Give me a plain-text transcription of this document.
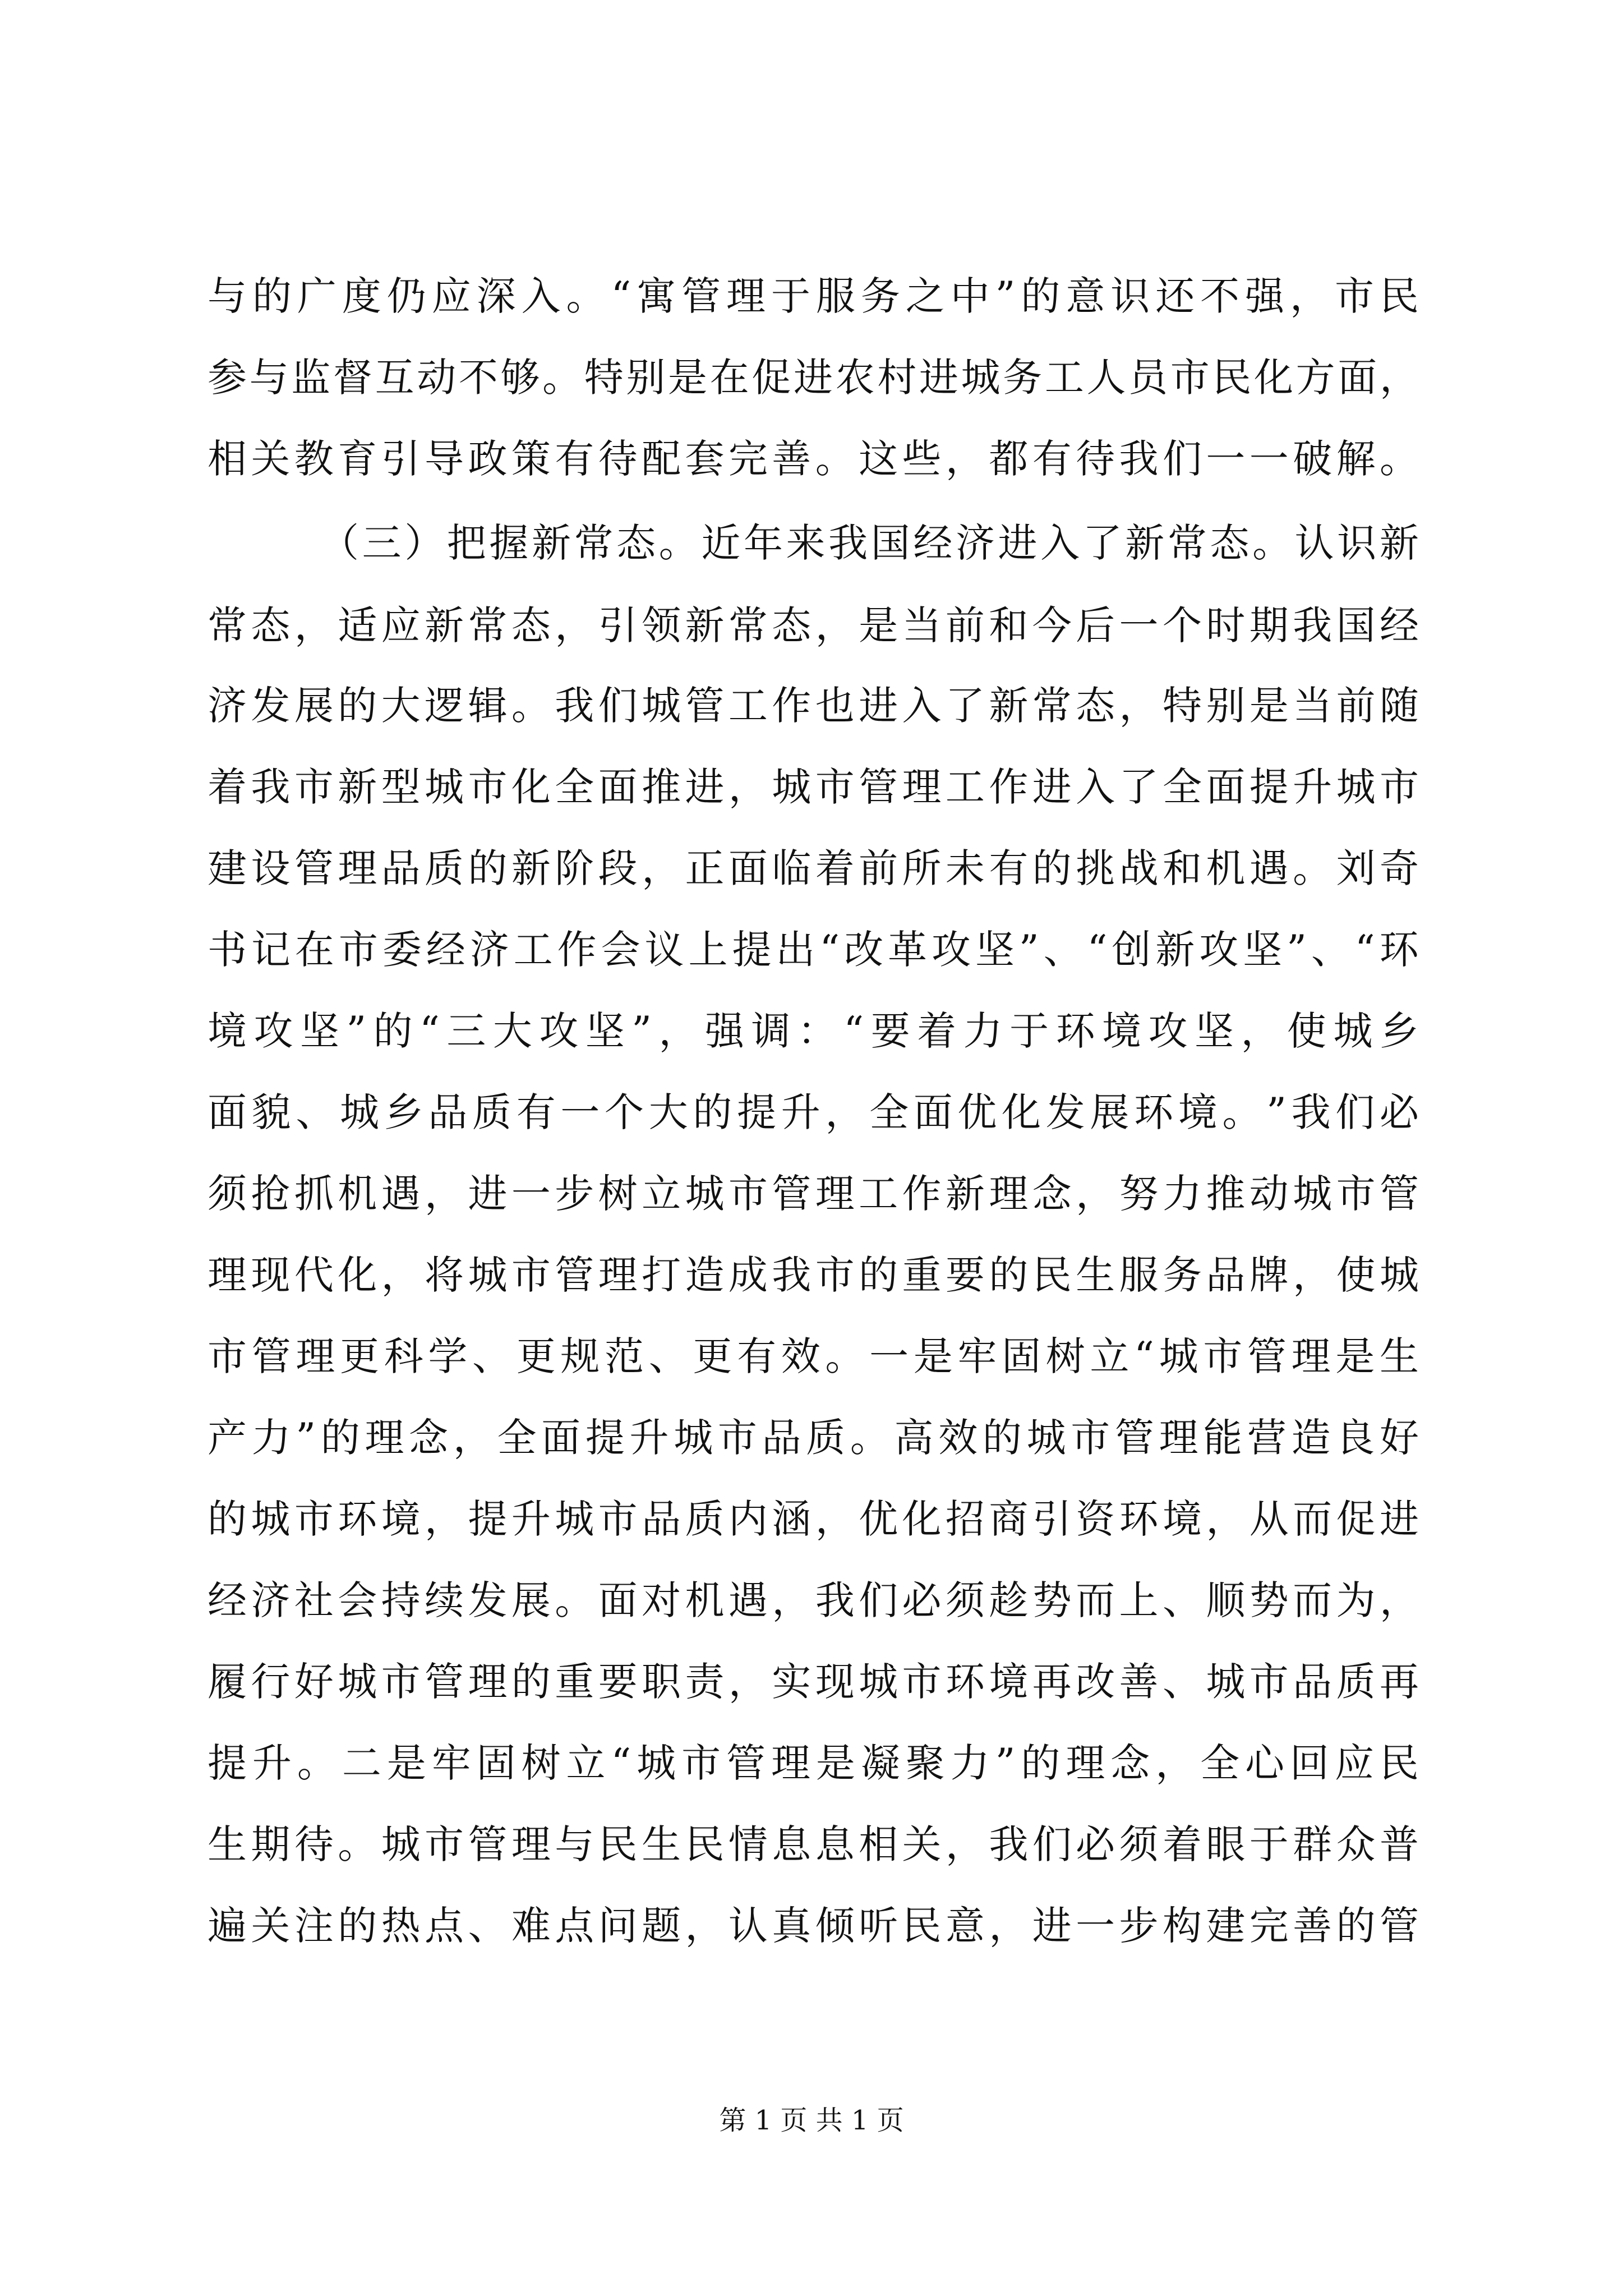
与 的 广 度 仍 应 深 入 。 “ 寓 管 理 于 服 务 之 中 ” 的 意 识 还 不 强 ， 市 民
参 与 监 督 互 动 不 够 。 特 别 是 在 促 进 农 村 进 城 务 工 人 员 市 民 化 方 面 ，
相 关 教 育 引 导 政 策 有 待 配 套 完 善 。 这 些 ， 都 有 待 我 们 一 一 破 解 。
（ 三 ） 把 握 新 常 态 。 近 年 来 我 国 经 济 进 入 了 新 常 态 。 认 识 新
常 态 ， 适 应 新 常 态 ， 引 领 新 常 态 ， 是 当 前 和 今 后 一 个 时 期 我 国 经
济 发 展 的 大 逻 辑 。 我 们 城 管 工 作 也 进 入 了 新 常 态 ， 特 别 是 当 前 随
着 我 市 新 型 城 市 化 全 面 推 进 ， 城 市 管 理 工 作 进 入 了 全 面 提 升 城 市
建 设 管 理 品 质 的 新 阶 段 ， 正 面 临 着 前 所 未 有 的 挑 战 和 机 遇 。 刘 奇
书 记 在 市 委 经 济 工 作 会 议 上 提 出 “ 改 革 攻 坚 ” 、 “ 创 新 攻 坚 ” 、 “ 环
境 攻 坚 ” 的 “ 三 大 攻 坚 ” ， 强 调 ： “ 要 着 力 于 环 境 攻 坚 ， 使 城 乡
面 貌 、 城 乡 品 质 有 一 个 大 的 提 升 ， 全 面 优 化 发 展 环 境 。 ” 我 们 必
须 抢 抓 机 遇 ， 进 一 步 树 立 城 市 管 理 工 作 新 理 念 ， 努 力 推 动 城 市 管
理 现 代 化 ， 将 城 市 管 理 打 造 成 我 市 的 重 要 的 民 生 服 务 品 牌 ， 使 城
市 管 理 更 科 学 、 更 规 范 、 更 有 效 。 一 是 牢 固 树 立 “ 城 市 管 理 是 生
产 力 ” 的 理 念 ， 全 面 提 升 城 市 品 质 。 高 效 的 城 市 管 理 能 营 造 良 好
的 城 市 环 境 ， 提 升 城 市 品 质 内 涵 ， 优 化 招 商 引 资 环 境 ， 从 而 促 进
经 济 社 会 持 续 发 展 。 面 对 机 遇 ， 我 们 必 须 趁 势 而 上 、 顺 势 而 为 ，
履 行 好 城 市 管 理 的 重 要 职 责 ， 实 现 城 市 环 境 再 改 善 、 城 市 品 质 再
提 升 。 二 是 牢 固 树 立 “ 城 市 管 理 是 凝 聚 力 ” 的 理 念 ， 全 心 回 应 民
生 期 待 。 城 市 管 理 与 民 生 民 情 息 息 相 关 ， 我 们 必 须 着 眼 于 群 众 普
遍 关 注 的 热 点 、 难 点 问 题 ， 认 真 倾 听 民 意 ， 进 一 步 构 建 完 善 的 管
第 1 页 共 1 页
